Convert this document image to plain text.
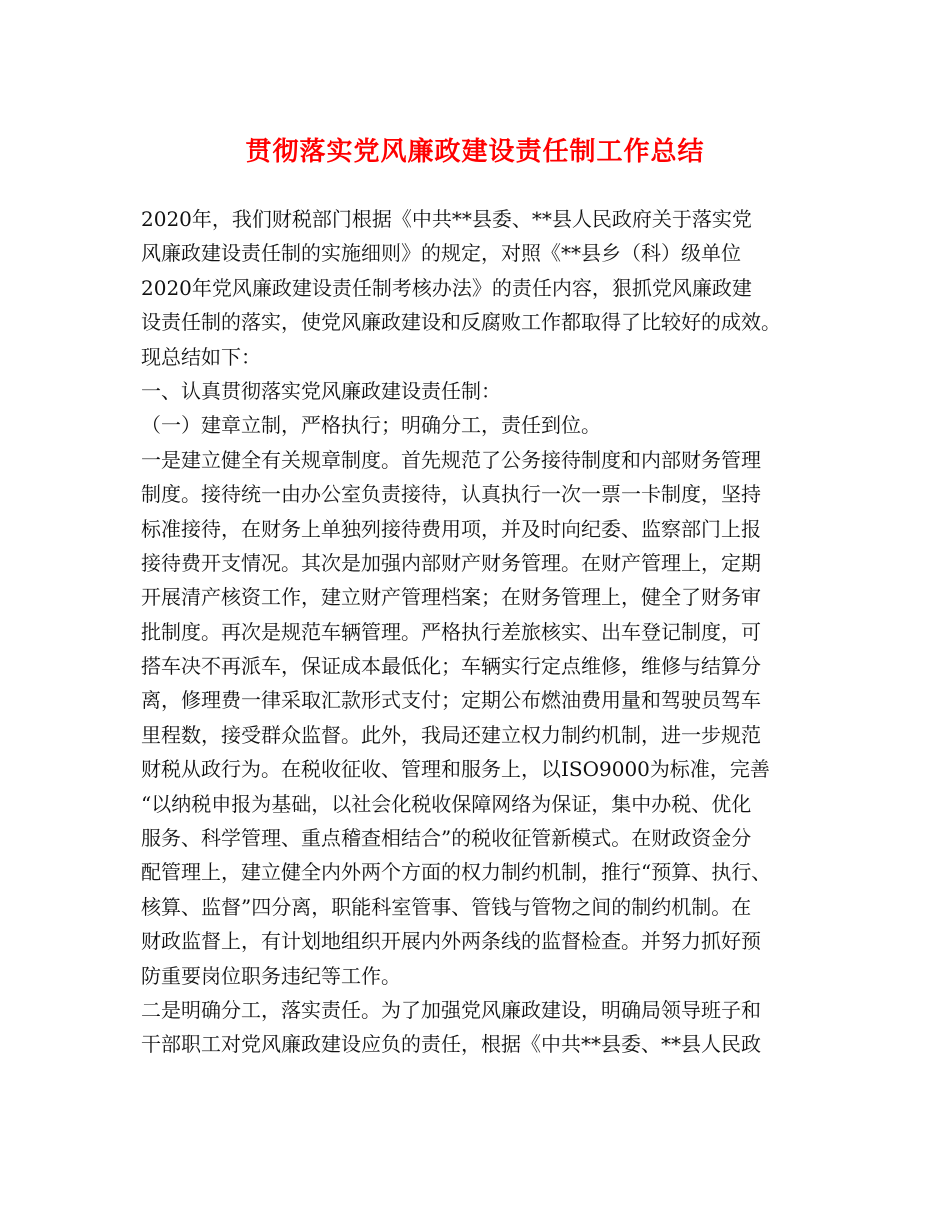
贯彻落实党风廉政建设责任制工作总结
2020年，我们财税部门根据《中共**县委、**县人民政府关于落实党
风廉政建设责任制的实施细则》的规定，对照《**县乡（科）级单位
2020年党风廉政建设责任制考核办法》的责任内容，狠抓党风廉政建
设责任制的落实，使党风廉政建设和反腐败工作都取得了比较好的成效。
现总结如下：
一、认真贯彻落实党风廉政建设责任制：
（一）建章立制，严格执行；明确分工，责任到位。
一是建立健全有关规章制度。首先规范了公务接待制度和内部财务管理
制度。接待统一由办公室负责接待，认真执行一次一票一卡制度，坚持
标准接待，在财务上单独列接待费用项，并及时向纪委、监察部门上报
接待费开支情况。其次是加强内部财产财务管理。在财产管理上，定期
开展清产核资工作，建立财产管理档案；在财务管理上，健全了财务审
批制度。再次是规范车辆管理。严格执行差旅核实、出车登记制度，可
搭车决不再派车，保证成本最低化；车辆实行定点维修，维修与结算分
离，修理费一律采取汇款形式支付；定期公布燃油费用量和驾驶员驾车
里程数，接受群众监督。此外，我局还建立权力制约机制，进一步规范
财税从政行为。在税收征收、管理和服务上，以ISO9000为标准，完善
“以纳税申报为基础，以社会化税收保障网络为保证，集中办税、优化
服务、科学管理、重点稽查相结合”的税收征管新模式。在财政资金分
配管理上，建立健全内外两个方面的权力制约机制，推行“预算、执行、
核算、监督”四分离，职能科室管事、管钱与管物之间的制约机制。在
财政监督上，有计划地组织开展内外两条线的监督检查。并努力抓好预
防重要岗位职务违纪等工作。
二是明确分工，落实责任。为了加强党风廉政建设，明确局领导班子和
干部职工对党风廉政建设应负的责任，根据《中共**县委、**县人民政
